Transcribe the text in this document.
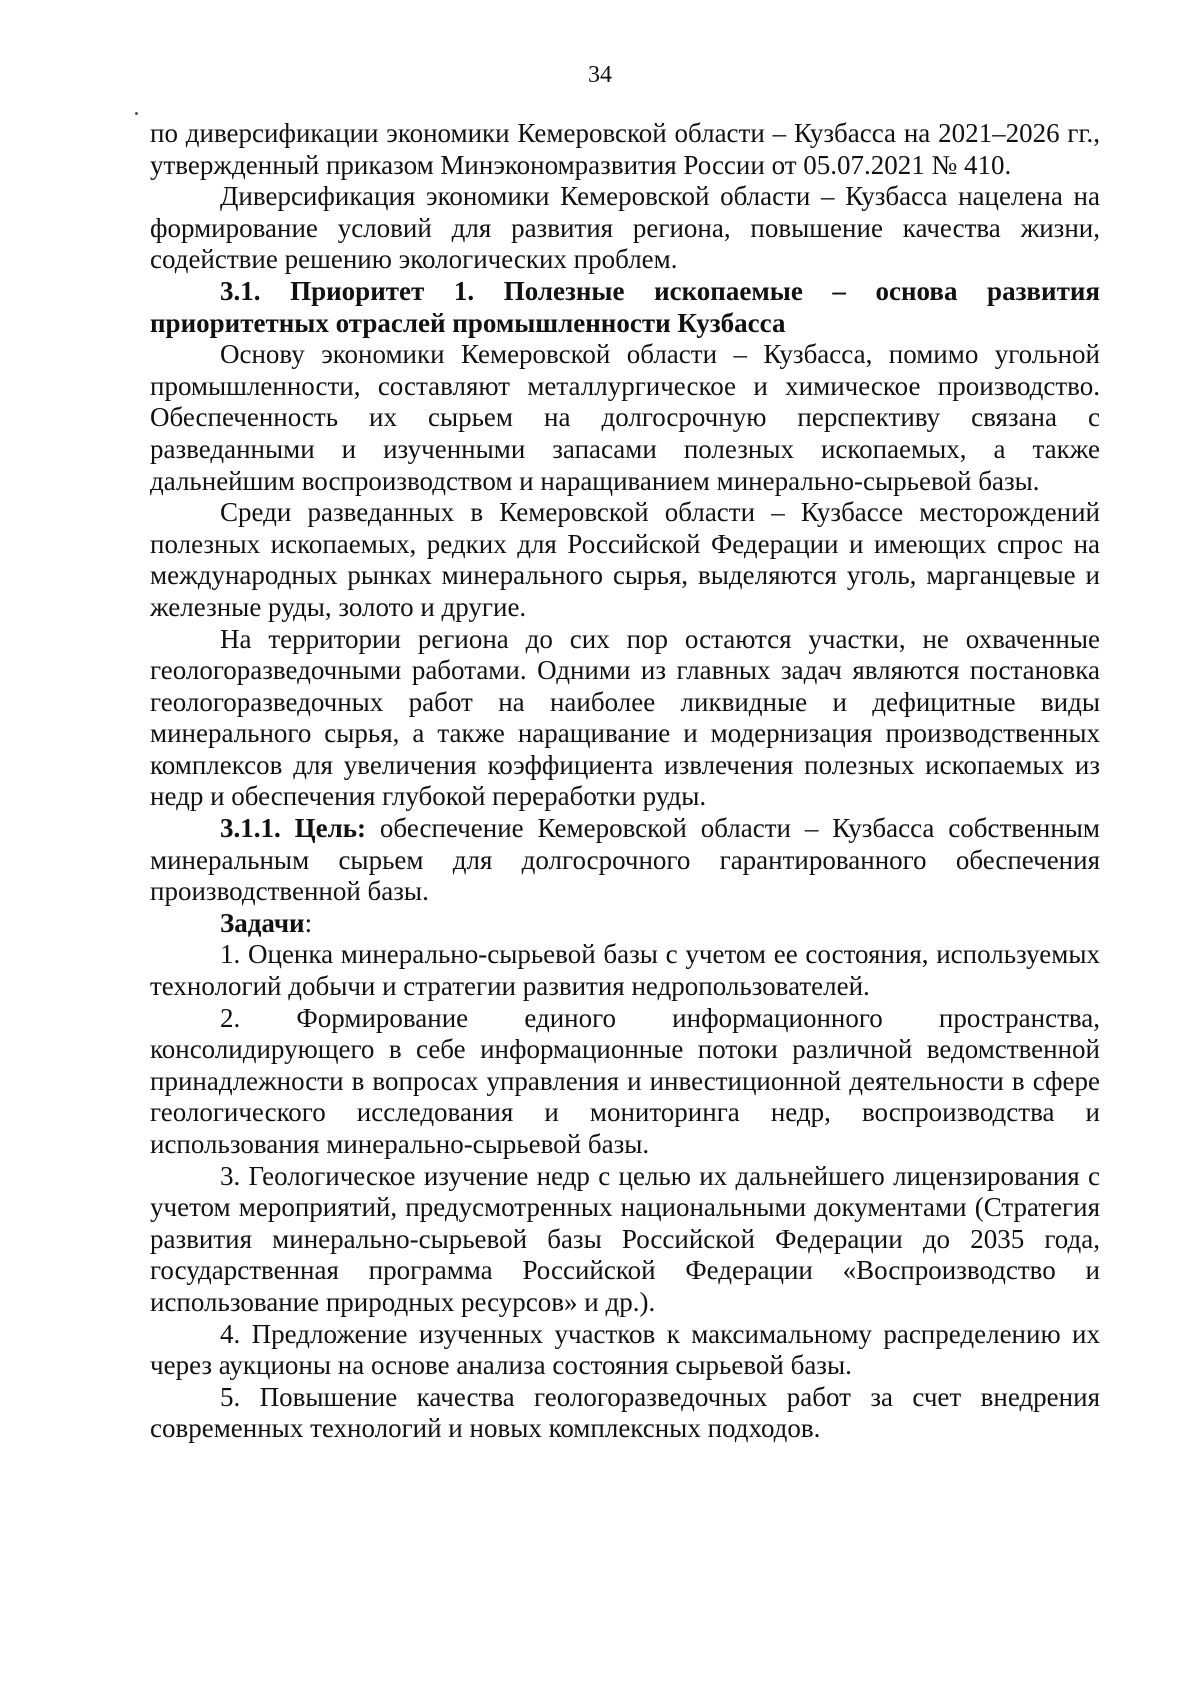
34

по диверсификации экономики Кемеровской области – Кузбасса на 2021–2026 гг., утвержденный приказом Минэкономразвития России от 05.07.2021 № 410.

Диверсификация экономики Кемеровской области – Кузбасса нацелена на формирование условий для развития региона, повышение качества жизни, содействие решению экологических проблем.

3.1. Приоритет 1. Полезные ископаемые – основа развития приоритетных отраслей промышленности Кузбасса

Основу экономики Кемеровской области – Кузбасса, помимо угольной промышленности, составляют металлургическое и химическое производство. Обеспеченность их сырьем на долгосрочную перспективу связана с разведанными и изученными запасами полезных ископаемых, а также дальнейшим воспроизводством и наращиванием минерально-сырьевой базы.

Среди разведанных в Кемеровской области – Кузбассе месторождений полезных ископаемых, редких для Российской Федерации и имеющих спрос на международных рынках минерального сырья, выделяются уголь, марганцевые и железные руды, золото и другие.

На территории региона до сих пор остаются участки, не охваченные геологоразведочными работами. Одними из главных задач являются постановка геологоразведочных работ на наиболее ликвидные и дефицитные виды минерального сырья, а также наращивание и модернизация производственных комплексов для увеличения коэффициента извлечения полезных ископаемых из недр и обеспечения глубокой переработки руды.

3.1.1. Цель: обеспечение Кемеровской области – Кузбасса собственным минеральным сырьем для долгосрочного гарантированного обеспечения производственной базы.

Задачи:

1. Оценка минерально-сырьевой базы с учетом ее состояния, используемых технологий добычи и стратегии развития недропользователей.

2. Формирование единого информационного пространства, консолидирующего в себе информационные потоки различной ведомственной принадлежности в вопросах управления и инвестиционной деятельности в сфере геологического исследования и мониторинга недр, воспроизводства и использования минерально-сырьевой базы.

3. Геологическое изучение недр с целью их дальнейшего лицензирования с учетом мероприятий, предусмотренных национальными документами (Стратегия развития минерально-сырьевой базы Российской Федерации до 2035 года, государственная программа Российской Федерации «Воспроизводство и использование природных ресурсов» и др.).

4. Предложение изученных участков к максимальному распределению их через аукционы на основе анализа состояния сырьевой базы.

5. Повышение качества геологоразведочных работ за счет внедрения современных технологий и новых комплексных подходов.
